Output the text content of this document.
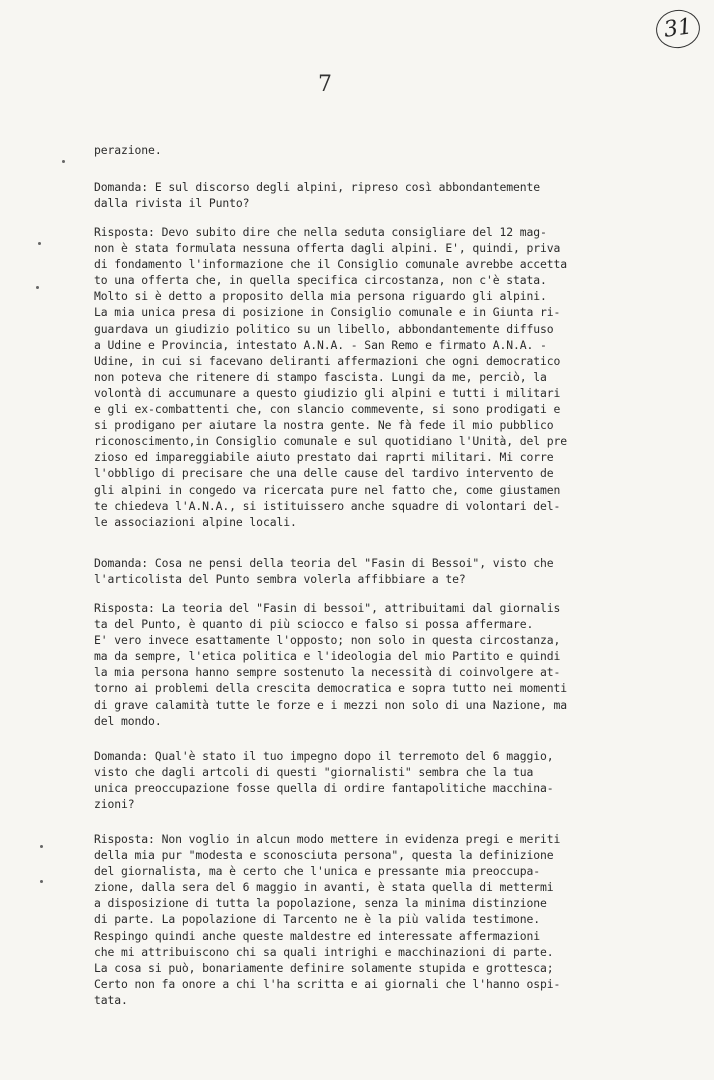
31
7
perazione.
Domanda: E sul discorso degli alpini, ripreso così abbondantemente
dalla rivista il Punto?
Risposta: Devo subito dire che nella seduta consigliare del 12 mag-
non è stata formulata nessuna offerta dagli alpini. E', quindi, priva
di fondamento l'informazione che il Consiglio comunale avrebbe accetta
to una offerta che, in quella specifica circostanza, non c'è stata.
Molto si è detto a proposito della mia persona riguardo gli alpini.
La mia unica presa di posizione in Consiglio comunale e in Giunta ri-
guardava un giudizio politico su un libello, abbondantemente diffuso
a Udine e Provincia, intestato A.N.A. - San Remo e firmato A.N.A. -
Udine, in cui si facevano deliranti affermazioni che ogni democratico
non poteva che ritenere di stampo fascista. Lungi da me, perciò, la
volontà di accumunare a questo giudizio gli alpini e tutti i militari
e gli ex-combattenti che, con slancio commevente, si sono prodigati e
si prodigano per aiutare la nostra gente. Ne fà fede il mio pubblico
riconoscimento,in Consiglio comunale e sul quotidiano l'Unità, del pre
zioso ed impareggiabile aiuto prestato dai raprti militari. Mi corre
l'obbligo di precisare che una delle cause del tardivo intervento de
gli alpini in congedo va ricercata pure nel fatto che, come giustamen
te chiedeva l'A.N.A., si istituissero anche squadre di volontari del-
le associazioni alpine locali.
Domanda: Cosa ne pensi della teoria del "Fasin di Bessoi", visto che
l'articolista del Punto sembra volerla affibbiare a te?
Risposta: La teoria del "Fasin di bessoi", attribuitami dal giornalis
ta del Punto, è quanto di più sciocco e falso si possa affermare.
E' vero invece esattamente l'opposto; non solo in questa circostanza,
ma da sempre, l'etica politica e l'ideologia del mio Partito e quindi
la mia persona hanno sempre sostenuto la necessità di coinvolgere at-
torno ai problemi della crescita democratica e sopra tutto nei momenti
di grave calamità tutte le forze e i mezzi non solo di una Nazione, ma
del mondo.
Domanda: Qual'è stato il tuo impegno dopo il terremoto del 6 maggio,
visto che dagli artcoli di questi "giornalisti" sembra che la tua
unica preoccupazione fosse quella di ordire fantapolitiche macchina-
zioni?
Risposta: Non voglio in alcun modo mettere in evidenza pregi e meriti
della mia pur "modesta e sconosciuta persona", questa la definizione
del giornalista, ma è certo che l'unica e pressante mia preoccupa-
zione, dalla sera del 6 maggio in avanti, è stata quella di mettermi
a disposizione di tutta la popolazione, senza la minima distinzione
di parte. La popolazione di Tarcento ne è la più valida testimone.
Respingo quindi anche queste maldestre ed interessate affermazioni
che mi attribuiscono chi sa quali intrighi e macchinazioni di parte.
La cosa si può, bonariamente definire solamente stupida e grottesca;
Certo non fa onore a chi l'ha scritta e ai giornali che l'hanno ospi-
tata.
